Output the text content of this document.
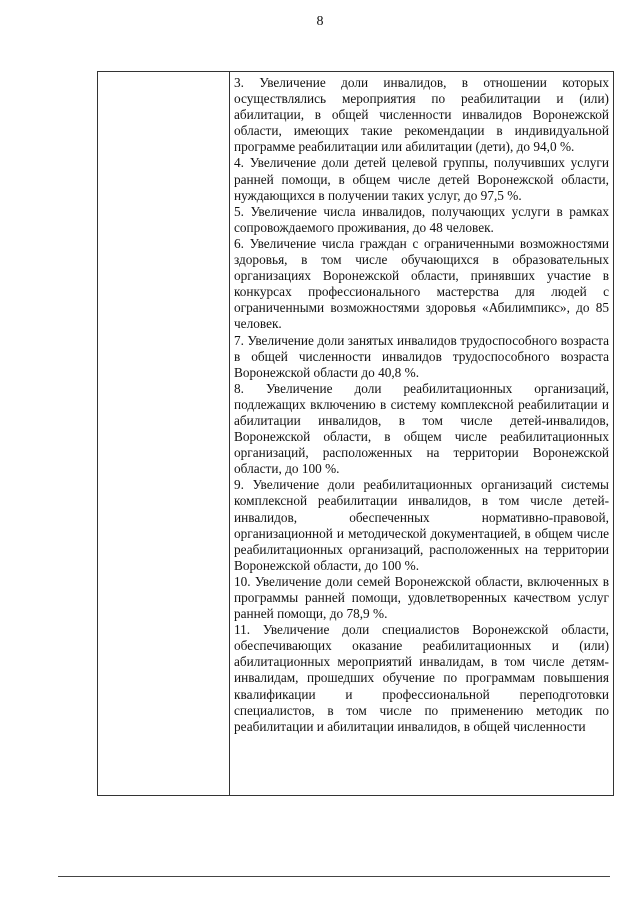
8

3. Увеличение доли инвалидов, в отношении которых осуществлялись мероприятия по реабилитации и (или) абилитации, в общей численности инвалидов Воронежской области, имеющих такие рекомендации в индивидуальной программе реабилитации или абилитации (дети), до 94,0 %.

4. Увеличение доли детей целевой группы, получивших услуги ранней помощи, в общем числе детей Воронежской области, нуждающихся в получении таких услуг, до 97,5 %.

5. Увеличение числа инвалидов, получающих услуги в рамках сопровождаемого проживания, до 48 человек.

6. Увеличение числа граждан с ограниченными возможностями здоровья, в том числе обучающихся в образовательных организациях Воронежской области, принявших участие в конкурсах профессионального мастерства для людей с ограниченными возможностями здоровья «Абилимпикс», до 85 человек.

7. Увеличение доли занятых инвалидов трудоспособного возраста в общей численности инвалидов трудоспособного возраста Воронежской области до 40,8 %.

8. Увеличение доли реабилитационных организаций, подлежащих включению в систему комплексной реабилитации и абилитации инвалидов, в том числе детей-инвалидов, Воронежской области, в общем числе реабилитационных организаций, расположенных на территории Воронежской области, до 100 %.

9. Увеличение доли реабилитационных организаций системы комплексной реабилитации инвалидов, в том числе детей-инвалидов, обеспеченных нормативно-правовой, организационной и методической документацией, в общем числе реабилитационных организаций, расположенных на территории Воронежской области, до 100 %.

10. Увеличение доли семей Воронежской области, включенных в программы ранней помощи, удовлетворенных качеством услуг ранней помощи, до 78,9 %.

11. Увеличение доли специалистов Воронежской области, обеспечивающих оказание реабилитационных и (или) абилитационных мероприятий инвалидам, в том числе детям-инвалидам, прошедших обучение по программам повышения квалификации и профессиональной переподготовки специалистов, в том числе по применению методик по реабилитации и абилитации инвалидов, в общей численности
